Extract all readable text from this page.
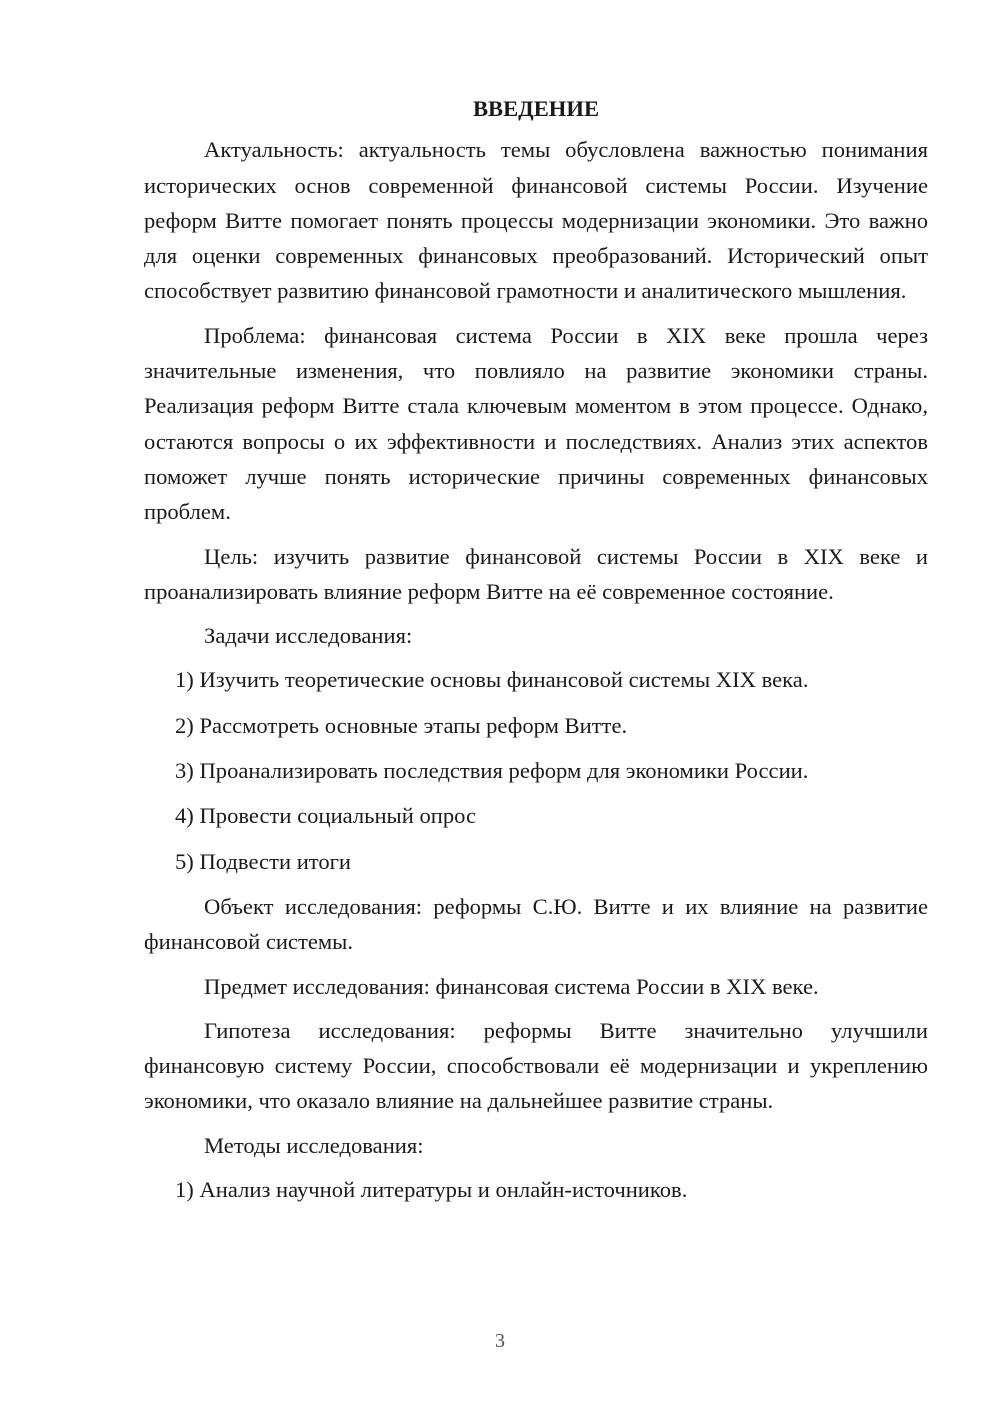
ВВЕДЕНИЕ

Актуальность: актуальность темы обусловлена важностью понимания исторических основ современной финансовой системы России. Изучение реформ Витте помогает понять процессы модернизации экономики. Это важно для оценки современных финансовых преобразований. Исторический опыт способствует развитию финансовой грамотности и аналитического мышления.

Проблема: финансовая система России в XIX веке прошла через значительные изменения, что повлияло на развитие экономики страны. Реализация реформ Витте стала ключевым моментом в этом процессе. Однако, остаются вопросы о их эффективности и последствиях. Анализ этих аспектов поможет лучше понять исторические причины современных финансовых проблем.

Цель: изучить развитие финансовой системы России в XIX веке и проанализировать влияние реформ Витте на её современное состояние.

Задачи исследования:

1) Изучить теоретические основы финансовой системы XIX века.

2) Рассмотреть основные этапы реформ Витте.

3) Проанализировать последствия реформ для экономики России.

4) Провести социальный опрос

5) Подвести итоги

Объект исследования: реформы С.Ю. Витте и их влияние на развитие финансовой системы.

Предмет исследования: финансовая система России в XIX веке.

Гипотеза исследования: реформы Витте значительно улучшили финансовую систему России, способствовали её модернизации и укреплению экономики, что оказало влияние на дальнейшее развитие страны.

Методы исследования:

1) Анализ научной литературы и онлайн-источников.

3
